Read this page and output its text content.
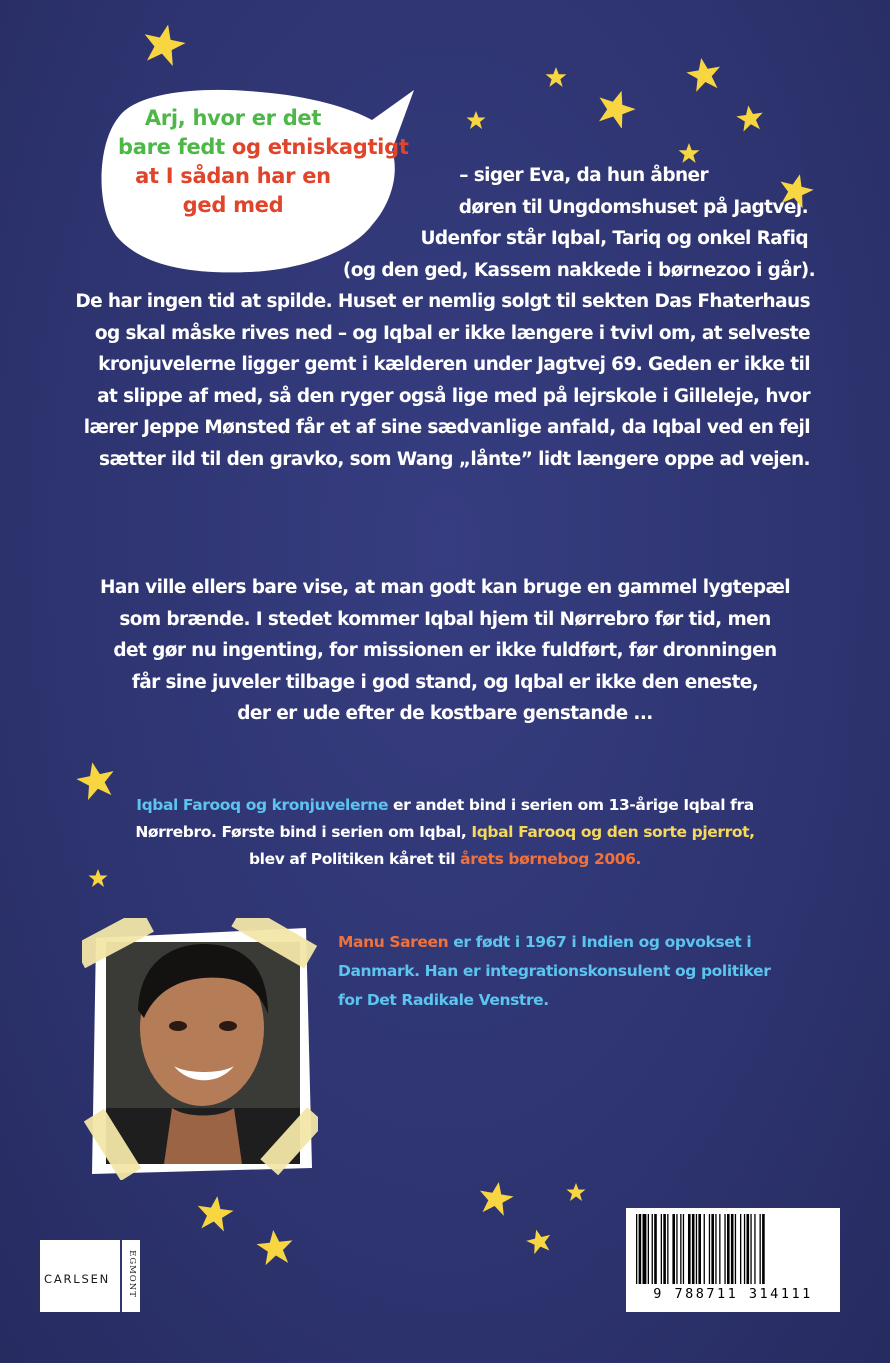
Arj, hvor er det
bare fedt og etniskagtigt
at I sådan har en
ged med
– siger Eva, da hun åbner
døren til Ungdomshuset på Jagtvej.
Udenfor står Iqbal, Tariq og onkel Rafiq
(og den ged, Kassem nakkede i børnezoo i går).
De har ingen tid at spilde. Huset er nemlig solgt til sekten Das Fhaterhaus
og skal måske rives ned – og Iqbal er ikke længere i tvivl om, at selveste
kronjuvelerne ligger gemt i kælderen under Jagtvej 69. Geden er ikke til
at slippe af med, så den ryger også lige med på lejrskole i Gilleleje, hvor
lærer Jeppe Mønsted får et af sine sædvanlige anfald, da Iqbal ved en fejl
sætter ild til den gravko, som Wang „lånte” lidt længere oppe ad vejen.
Han ville ellers bare vise, at man godt kan bruge en gammel lygtepæl
som brænde. I stedet kommer Iqbal hjem til Nørrebro før tid, men
det gør nu ingenting, for missionen er ikke fuldført, før dronningen
får sine juveler tilbage i god stand, og Iqbal er ikke den eneste,
der er ude efter de kostbare genstande ...
Iqbal Farooq og kronjuvelerne er andet bind i serien om 13-årige Iqbal fra
Nørrebro. Første bind i serien om Iqbal, Iqbal Farooq og den sorte pjerrot,
blev af Politiken kåret til årets børnebog 2006.
Manu Sareen er født i 1967 i Indien og opvokset i
Danmark. Han er integrationskonsulent og politiker
for Det Radikale Venstre.
CARLSEN EGMONT	9 788711 314111
